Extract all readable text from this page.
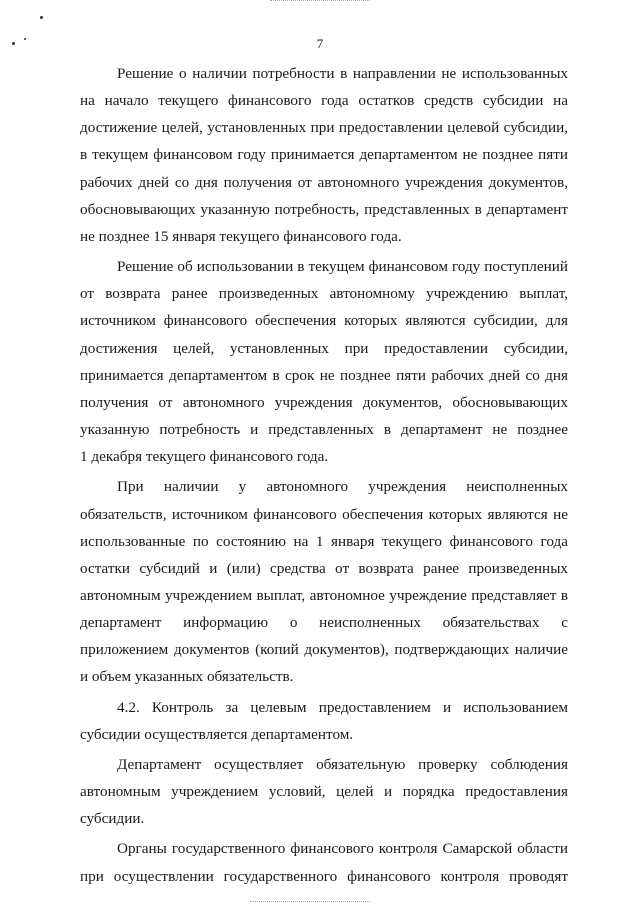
7

Решение о наличии потребности в направлении не использованных
на начало текущего финансового года остатков средств субсидии на
достижение целей, установленных при предоставлении целевой субсидии,
в текущем финансовом году принимается департаментом не позднее пяти
рабочих дней со дня получения от автономного учреждения документов,
обосновывающих указанную потребность, представленных в департамент
не позднее 15 января текущего финансового года.

Решение об использовании в текущем финансовом году поступлений
от возврата ранее произведенных автономному учреждению выплат,
источником финансового обеспечения которых являются субсидии, для
достижения целей, установленных при предоставлении субсидии,
принимается департаментом в срок не позднее пяти рабочих дней со дня
получения от автономного учреждения документов, обосновывающих
указанную потребность и представленных в департамент не позднее
1 декабря текущего финансового года.

При наличии у автономного учреждения неисполненных
обязательств, источником финансового обеспечения которых являются не
использованные по состоянию на 1 января текущего финансового года
остатки субсидий и (или) средства от возврата ранее произведенных
автономным учреждением выплат, автономное учреждение представляет в
департамент информацию о неисполненных обязательствах с
приложением документов (копий документов), подтверждающих наличие
и объем указанных обязательств.

4.2. Контроль за целевым предоставлением и использованием
субсидии осуществляется департаментом.

Департамент осуществляет обязательную проверку соблюдения
автономным учреждением условий, целей и порядка предоставления
субсидии.

Органы государственного финансового контроля Самарской области
при осуществлении государственного финансового контроля проводят
